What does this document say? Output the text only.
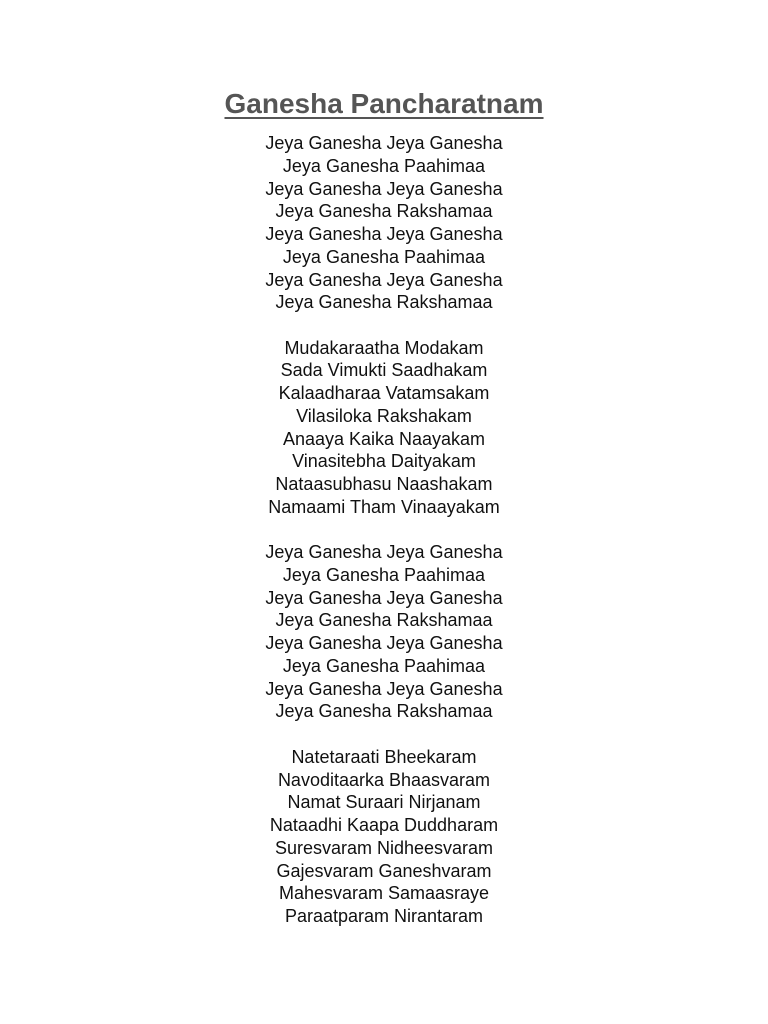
Ganesha Pancharatnam
Jeya Ganesha Jeya Ganesha
Jeya Ganesha Paahimaa
Jeya Ganesha Jeya Ganesha
Jeya Ganesha Rakshamaa
Jeya Ganesha Jeya Ganesha
Jeya Ganesha Paahimaa
Jeya Ganesha Jeya Ganesha
Jeya Ganesha Rakshamaa
Mudakaraatha Modakam
Sada Vimukti Saadhakam
Kalaadharaa Vatamsakam
Vilasiloka Rakshakam
Anaaya Kaika Naayakam
Vinasitebha Daityakam
Nataasubhasu Naashakam
Namaami Tham Vinaayakam
Jeya Ganesha Jeya Ganesha
Jeya Ganesha Paahimaa
Jeya Ganesha Jeya Ganesha
Jeya Ganesha Rakshamaa
Jeya Ganesha Jeya Ganesha
Jeya Ganesha Paahimaa
Jeya Ganesha Jeya Ganesha
Jeya Ganesha Rakshamaa
Natetaraati Bheekaram
Navoditaarka Bhaasvaram
Namat Suraari Nirjanam
Nataadhi Kaapa Duddharam
Suresvaram Nidheesvaram
Gajesvaram Ganeshvaram
Mahesvaram Samaasraye
Paraatparam Nirantaram
